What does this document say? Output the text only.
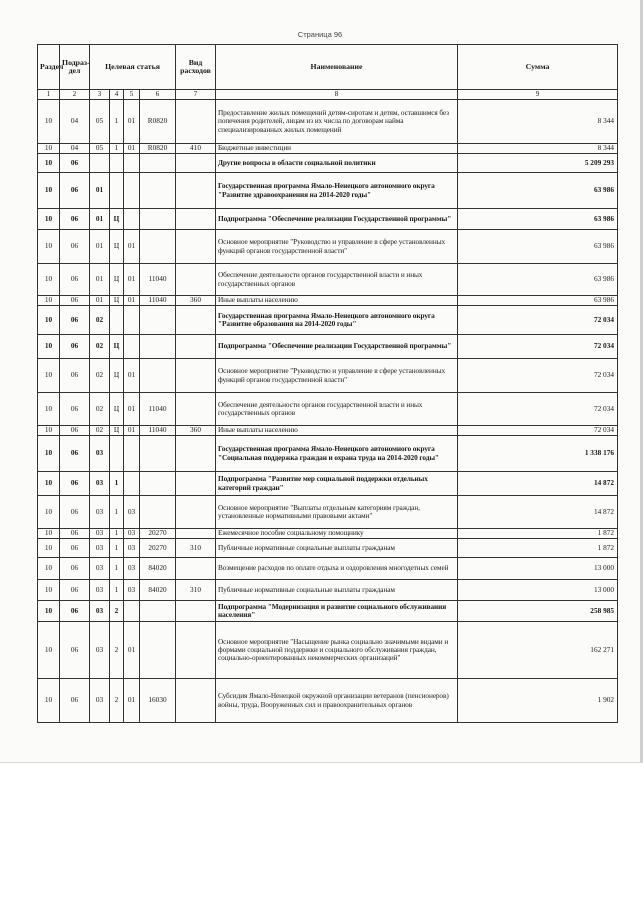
Страница 96
Раздел	Подраз-дел	Целевая статья				Вид расходов	Наименование	Сумма
1	2	3	4	5	6	7	8	9
10	04	05	1	01	R0820		Предоставление жилых помещений детям-сиротам и детям, оставшимся без попечения родителей, лицам из их числа по договорам найма специализированных жилых помещений	8 344
10	04	05	1	01	R0820	410	Бюджетные инвестиции	8 344
10	06						Другие вопросы в области социальной политики	5 209 293
10	06	01					Государственная программа Ямало-Ненецкого автономного округа "Развитие здравоохранения на 2014-2020 годы"	63 986
10	06	01	Ц				Подпрограмма "Обеспечение реализации Государственной программы"	63 986
10	06	01	Ц	01			Основное мероприятие "Руководство и управление в сфере установленных функций органов государственной власти"	63 986
10	06	01	Ц	01	11040		Обеспечение деятельности органов государственной власти и иных государственных органов	63 986
10	06	01	Ц	01	11040	360	Иные выплаты населению	63 986
10	06	02					Государственная программа Ямало-Ненецкого автономного округа "Развитие образования на 2014-2020 годы"	72 034
10	06	02	Ц				Подпрограмма "Обеспечение реализации Государственной программы"	72 034
10	06	02	Ц	01			Основное мероприятие "Руководство и управление в сфере установленных функций органов государственной власти"	72 034
10	06	02	Ц	01	11040		Обеспечение деятельности органов государственной власти и иных государственных органов	72 034
10	06	02	Ц	01	11040	360	Иные выплаты населению	72 034
10	06	03					Государственная программа Ямало-Ненецкого автономного округа "Социальная поддержка граждан и охрана труда на 2014-2020 годы"	1 338 176
10	06	03	1				Подпрограмма "Развитие мер социальной поддержки отдельных категорий граждан"	14 872
10	06	03	1	03			Основное мероприятие "Выплаты отдельным категориям граждан, установленные нормативными правовыми актами"	14 872
10	06	03	1	03	20270		Ежемесячное пособие социальному помощнику	1 872
10	06	03	1	03	20270	310	Публичные нормативные социальные выплаты гражданам	1 872
10	06	03	1	03	84020		Возмещение расходов по оплате отдыха и оздоровления многодетных семей	13 000
10	06	03	1	03	84020	310	Публичные нормативные социальные выплаты гражданам	13 000
10	06	03	2				Подпрограмма "Модернизация и развитие социального обслуживания населения"	258 985
10	06	03	2	01			Основное мероприятие "Насыщение рынка социально значимыми видами и формами социальной поддержки и социального обслуживания граждан, социально-ориентированных некоммерческих организаций"	162 271
10	06	03	2	01	16030		Субсидия Ямало-Ненецкой окружной организации ветеранов (пенсионеров) войны, труда, Вооруженных сил и правоохранительных органов	1 902
